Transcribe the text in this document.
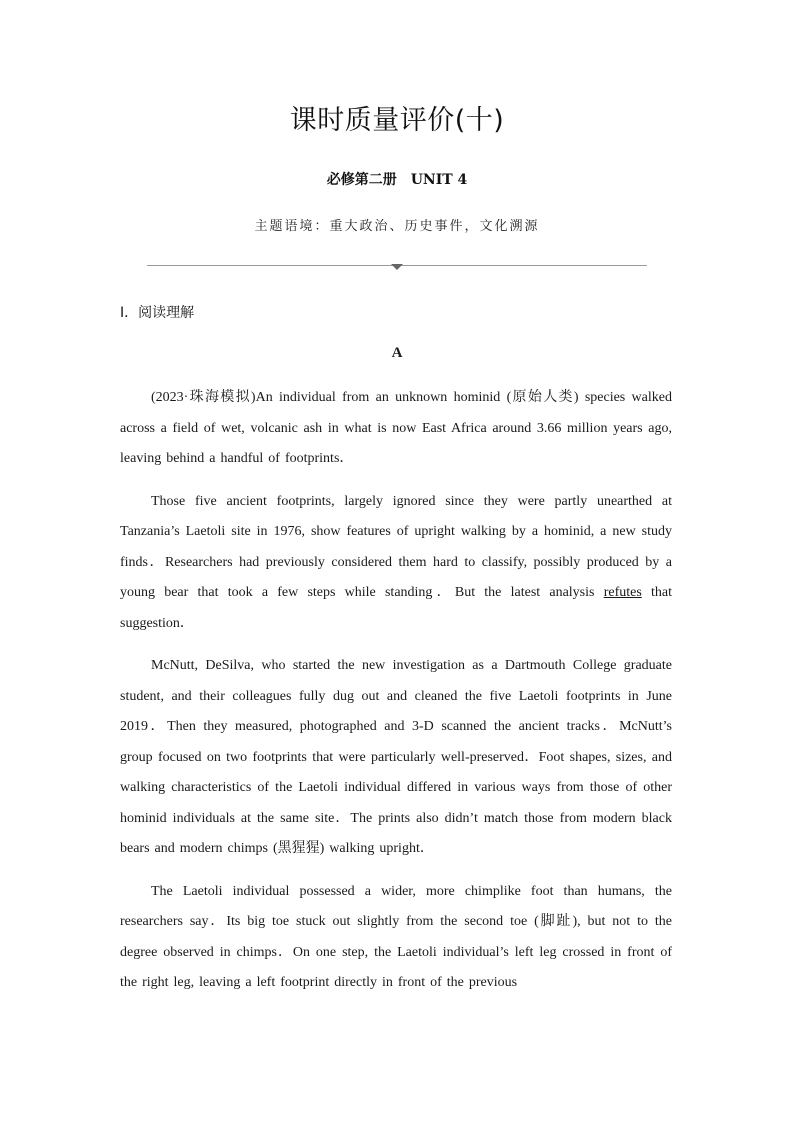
课时质量评价(十)
必修第二册 UNIT 4
主题语境：重大政治、历史事件，文化溯源
Ⅰ．阅读理解
A

(2023·珠海模拟)An individual from an unknown hominid (原始人类) species walked across a field of wet, volcanic ash in what is now East Africa around 3.66 million years ago, leaving behind a handful of footprints．

Those five ancient footprints, largely ignored since they were partly unearthed at Tanzania’s Laetoli site in 1976, show features of upright walking by a hominid, a new study finds．Researchers had previously considered them hard to classify, possibly produced by a young bear that took a few steps while standing．But the latest analysis refutes that suggestion．

McNutt, DeSilva, who started the new investigation as a Dartmouth College graduate student, and their colleagues fully dug out and cleaned the five Laetoli footprints in June 2019．Then they measured, photographed and 3-D scanned the ancient tracks．McNutt’s group focused on two footprints that were particularly well-preserved．Foot shapes, sizes, and walking characteristics of the Laetoli individual differed in various ways from those of other hominid individuals at the same site．The prints also didn’t match those from modern black bears and modern chimps (黑猩猩) walking upright．

The Laetoli individual possessed a wider, more chimplike foot than humans, the researchers say．Its big toe stuck out slightly from the second toe (脚趾), but not to the degree observed in chimps．On one step, the Laetoli individual’s left leg crossed in front of the right leg, leaving a left footprint directly in front of the previous
